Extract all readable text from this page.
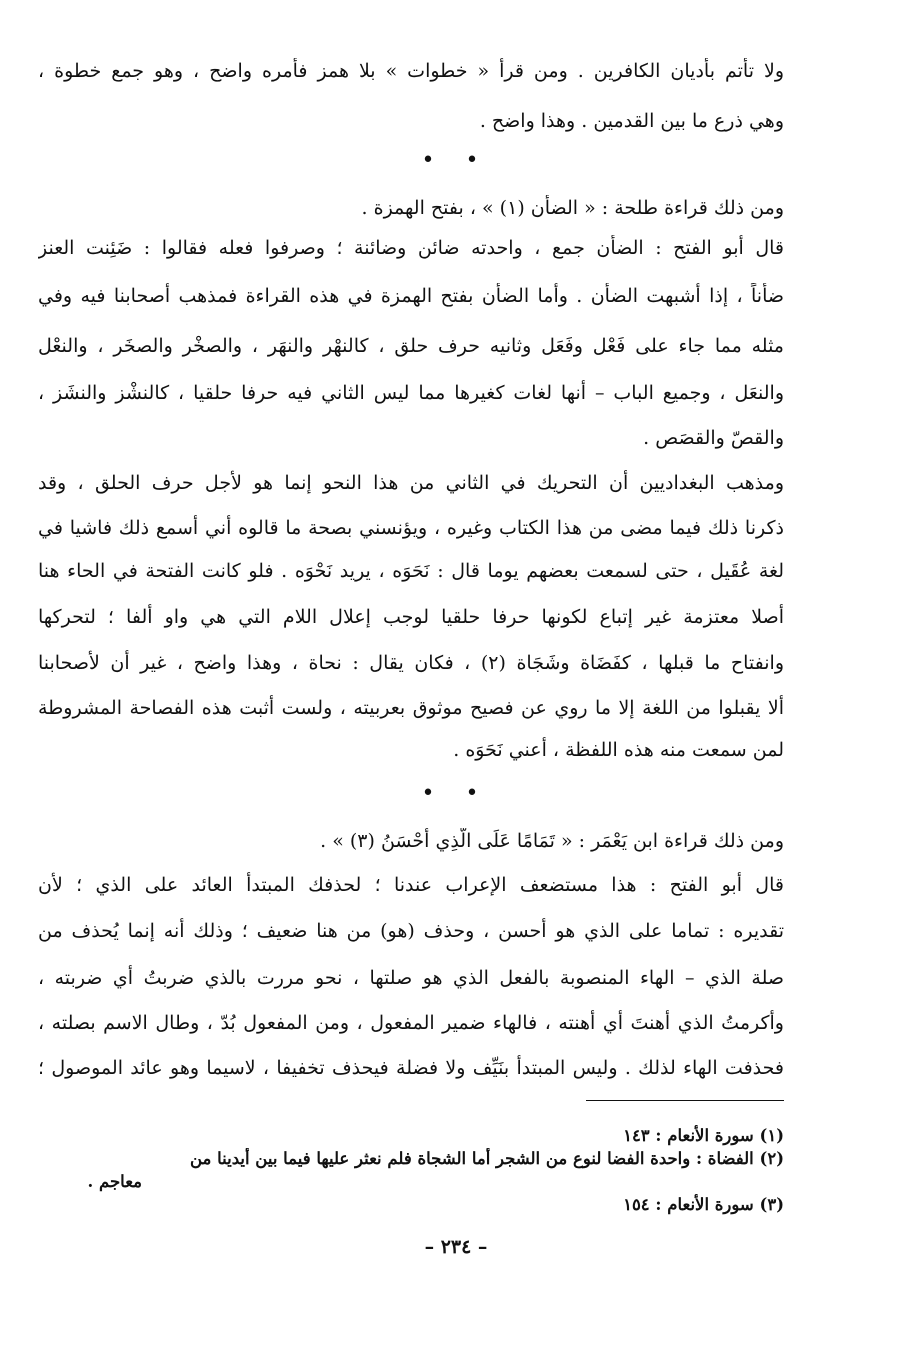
ولا تأتم بأديان الكافرين . ومن قرأ « خطوات » بلا همز فأمره واضح ، وهو جمع خطوة ،
وهي ذرع ما بين القدمين . وهذا واضح .
• •
ومن ذلك قراءة طلحة : « الضأن (١) » ، بفتح الهمزة .
قال أبو الفتح : الضأن جمع ، واحدته ضائن وضائنة ؛ وصرفوا فعله فقالوا : ضَئِنت العنز
ضأناً ، إذا أشبهت الضأن . وأما الضأن بفتح الهمزة في هذه القراءة فمذهب أصحابنا فيه وفي
مثله مما جاء على فَعْل وفَعَل وثانيه حرف حلق ، كالنهْر والنهَر ، والصخْر والصخَر ، والنعْل
والنعَل ، وجميع الباب – أنها لغات كغيرها مما ليس الثاني فيه حرفا حلقيا ، كالنشْز والنشَز ،
والقصّ والقصَص .
ومذهب البغداديين أن التحريك في الثاني من هذا النحو إنما هو لأجل حرف الحلق ، وقد
ذكرنا ذلك فيما مضى من هذا الكتاب وغيره ، ويؤنسني بصحة ما قالوه أني أسمع ذلك فاشيا في
لغة عُقَيل ، حتى لسمعت بعضهم يوما قال : نَحَوَه ، يريد نَحْوَه . فلو كانت الفتحة في الحاء هنا
أصلا معتزمة غير إتباع لكونها حرفا حلقيا لوجب إعلال اللام التي هي واو ألفا ؛ لتحركها
وانفتاح ما قبلها ، كفَضَاة وشَجَاة (٢) ، فكان يقال : نحاة ، وهذا واضح ، غير أن لأصحابنا
ألا يقبلوا من اللغة إلا ما روي عن فصيح موثوق بعربيته ، ولست أُثبت هذه الفصاحة المشروطة
لمن سمعت منه هذه اللفظة ، أعني نَحَوَه .
• •
ومن ذلك قراءة ابن يَعْمَر : « تَمَامًا عَلَى الَّذِي أَحْسَنُ (٣) » .
قال أبو الفتح : هذا مستضعف الإعراب عندنا ؛ لحذفك المبتدأ العائد على الذي ؛ لأن
تقديره : تماما على الذي هو أحسن ، وحذف (هو) من هنا ضعيف ؛ وذلك أنه إنما يُحذف من
صلة الذي – الهاء المنصوبة بالفعل الذي هو صلتها ، نحو مررت بالذي ضربتُ أي ضربته ،
وأكرمتُ الذي أهنتَ أي أهنته ، فالهاء ضمير المفعول ، ومن المفعول بُدّ ، وطال الاسم بصلته ،
فحذفت الهاء لذلك . وليس المبتدأ بنَيِّف ولا فضلة فيحذف تخفيفا ، لاسيما وهو عائد الموصول ؛
(١) سورة الأنعام : ١٤٣
(٢) الفضاة : واحدة الفضا لنوع من الشجر أما الشجاة فلم نعثر عليها فيما بين أيدينا من
معاجم .
(٣) سورة الأنعام : ١٥٤
– ٢٣٤ –
